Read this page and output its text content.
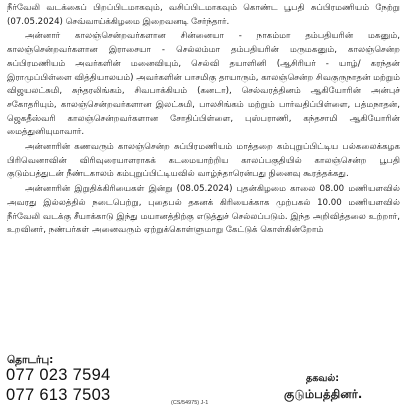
நீர்வேலி வடக்கைப் பிறப்பிடமாகவும், வசிப்பிடமாகவும் கொண்ட பூபதி சுப்பிரமணியம் நேற்று (07.05.2024) செவ்வாய்க்கிழமை இறைவனடி சேர்ந்தார்.

அன்னார் காலஞ்சென்றவர்களான சின்னையா - நாகம்மா தம்பதியரின் மகனும், காலஞ்சென்றவர்களான இராசையா - செல்லம்மா தம்பதியரின் மருமகனும், காலஞ்சென்ற சுப்பிரமணியம் அவர்களின் மனைவியும், செல்வி தயாளினி (ஆசிரியர் - யாழ்/ கரந்தன் இராமுப்பிள்ளை வித்தியாலயம்) அவர்களின் பாசமிகு தாயாரும், காலஞ்சென்ற சிவகுருநாதன் மற்றும் விஜயலட்சுமி, சுந்தரலிங்கம், சிவபாக்கியம் (கனடா), செல்வரத்தினம் ஆகியோரின் அன்புச் சகோதரியும், காலஞ்சென்றவர்களான இலட்சுமி, பாலசிங்கம் மற்றும் பார்வதிப்பிள்ளை, பத்மநாதன், ஜெகதீஸ்வரி காலஞ்சென்றவர்களான சோதிப்பிள்ளை, புஸ்பராணி, கந்தசாமி ஆகியோரின் மைத்துனியுமாவார்.

அன்னாரின் கணவரும் காலஞ்சென்ற சுப்பிரமணியம் மாத்தறை கம்புறுப்பிட்டிய பல்கலைக்கழக பிரிவெனாவின் விரிவுரையாளராகக் கடமையாற்றிய காலப்பகுதியில் காலஞ்சென்ற பூபதி குடும்பத்துடன் நீண்டகாலம் கம்புறுப்பிட்டியவில் வாழ்ந்தாரென்பது நினைவு கூரத்தக்கது.

அன்னாரின் இறுதிக்கிரியைகள் இன்று (08.05.2024) புதன்கிழமை காலை 08.00 மணியளவில் அவரது இல்லத்தில் நடைபெற்று, புதைபல் தகனக் கிரியைக்காக முற்பகல் 10.00 மணியளவில் நீர்வேலி வடக்கு சீயாக்காடு இந்து மயானத்திற்கு எடுத்துச் செல்லப்படும். இந்த அறிவித்தலை உற்றார், உறவினர், நண்பர்கள் அனைவரும் ஏற்றுக்கொள்ளுமாறு கேட்டுக் கொள்கின்றோம்

தொடர்பு:
077 023 7594
077 613 7503	(CS/54975) J-1
தகவல்:
குடும்பத்தினர்.
